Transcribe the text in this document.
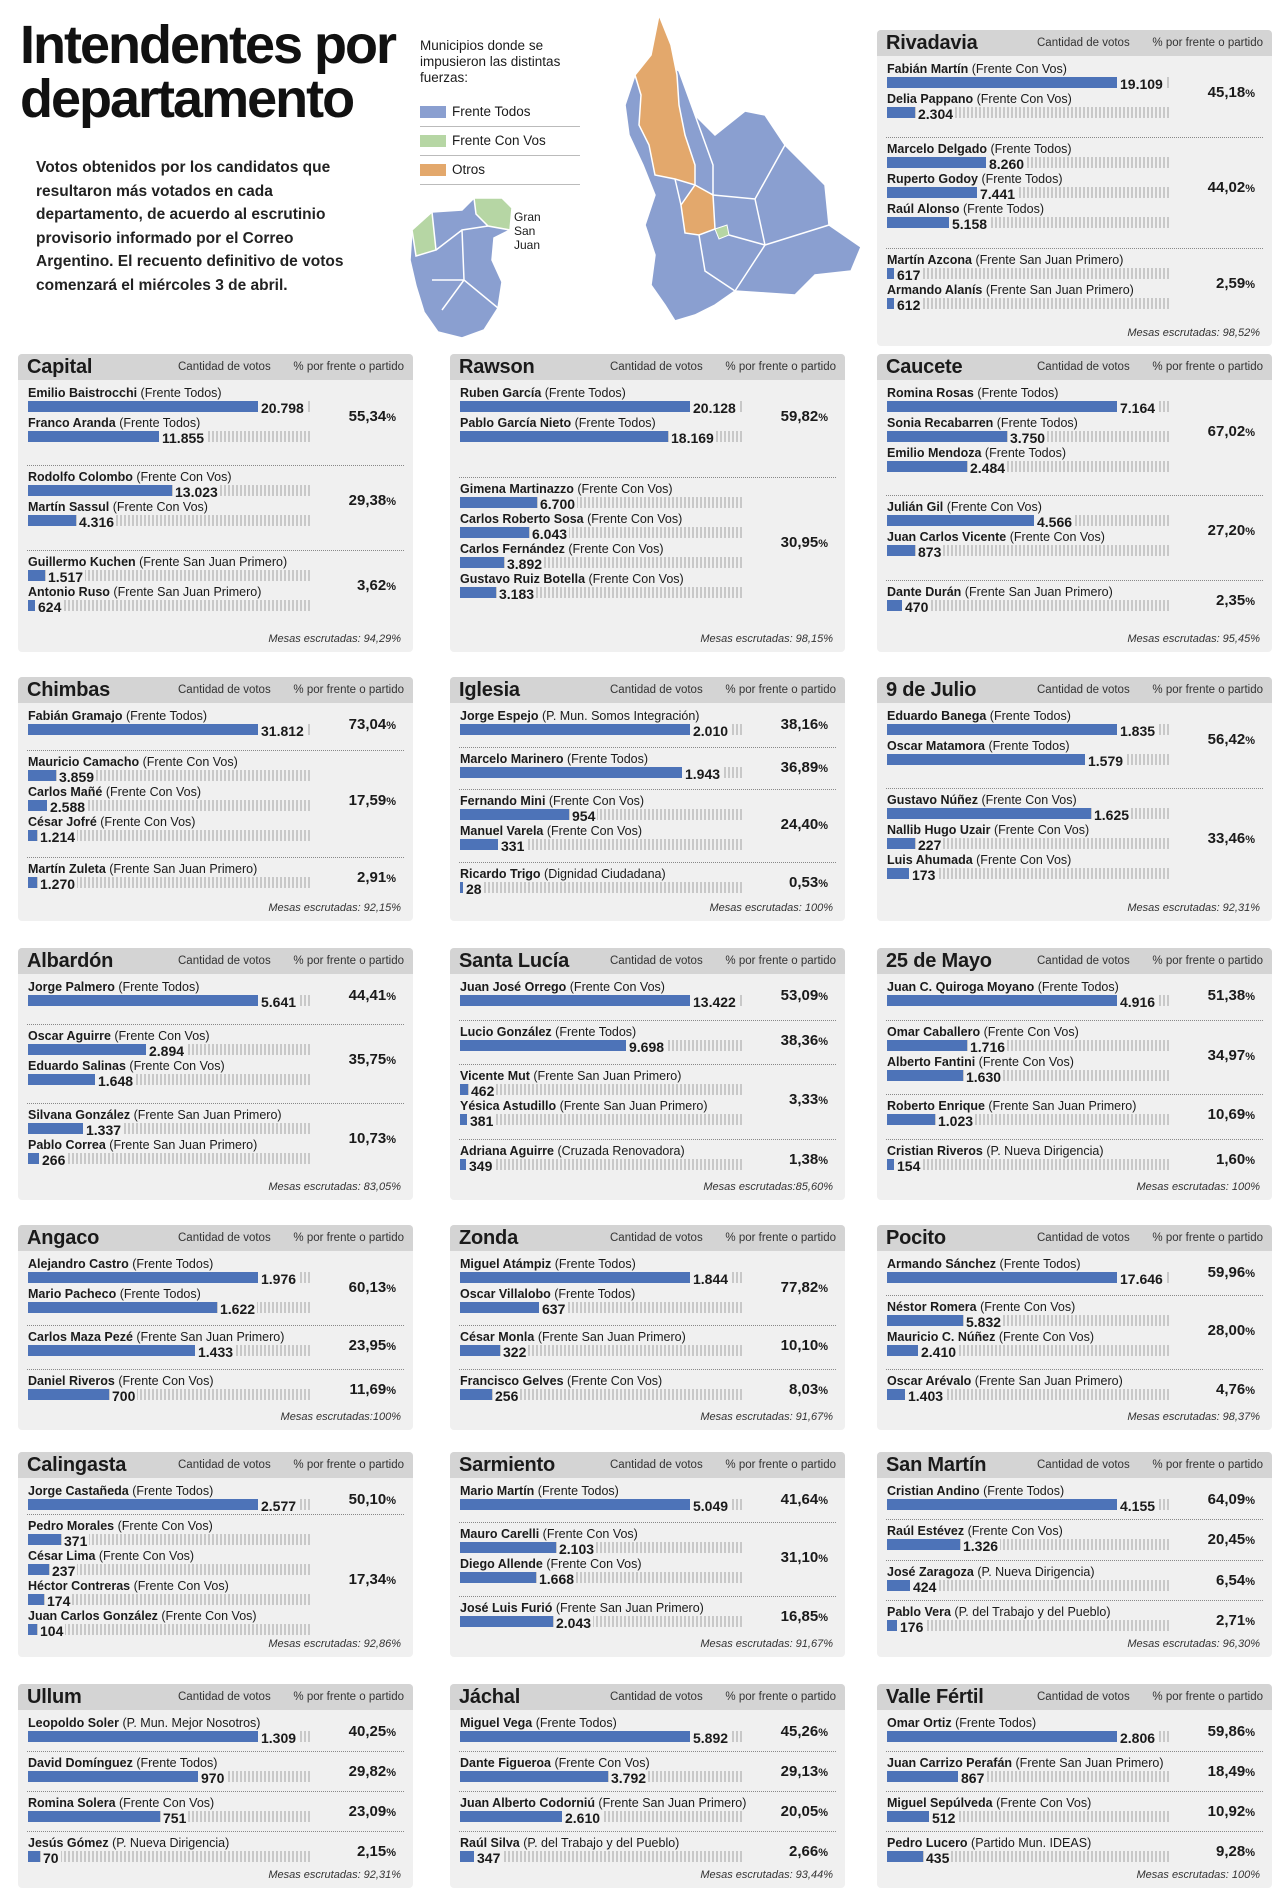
Intendentes por departamento
Votos obtenidos por los candidatos que resultaron más votados en cada departamento, de acuerdo al escrutinio provisorio informado por el Correo Argentino. El recuento definitivo de votos comenzará el miércoles 3 de abril.
Municipios donde se impusieron las distintas fuerzas:
Frente Todos
Frente Con Vos
Otros
Gran San Juan
Rivadavia	Cantidad de votos % por frente o partido
Fabián Martín (Frente Con Vos)
19.109
Delia Pappano (Frente Con Vos)
2.304
45,18%
Marcelo Delgado (Frente Todos)
8.260
Ruperto Godoy (Frente Todos)
7.441
Raúl Alonso (Frente Todos)
5.158
44,02%
Martín Azcona (Frente San Juan Primero)
617
Armando Alanís (Frente San Juan Primero)
612
2,59%
Mesas escrutadas: 98,52%
Capital	Cantidad de votos % por frente o partido
Emilio Baistrocchi (Frente Todos)
20.798
Franco Aranda (Frente Todos)
11.855
55,34%
Rodolfo Colombo (Frente Con Vos)
13.023
Martín Sassul (Frente Con Vos)
4.316
29,38%
Guillermo Kuchen (Frente San Juan Primero)
1.517
Antonio Ruso (Frente San Juan Primero)
624
3,62%
Mesas escrutadas: 94,29%
Rawson	Cantidad de votos % por frente o partido
Ruben García (Frente Todos)
20.128
Pablo García Nieto (Frente Todos)
18.169
59,82%
Gimena Martinazzo (Frente Con Vos)
6.700
Carlos Roberto Sosa (Frente Con Vos)
6.043
Carlos Fernández (Frente Con Vos)
3.892
Gustavo Ruiz Botella (Frente Con Vos)
3.183
30,95%
Mesas escrutadas: 98,15%
Caucete	Cantidad de votos % por frente o partido
Romina Rosas (Frente Todos)
7.164
Sonia Recabarren (Frente Todos)
3.750
Emilio Mendoza (Frente Todos)
2.484
67,02%
Julián Gil (Frente Con Vos)
4.566
Juan Carlos Vicente (Frente Con Vos)
873
27,20%
Dante Durán (Frente San Juan Primero)
470	2,35%
Mesas escrutadas: 95,45%
Chimbas	Cantidad de votos % por frente o partido
Fabián Gramajo (Frente Todos)
31.812	73,04%
Mauricio Camacho (Frente Con Vos)
3.859
Carlos Mañé (Frente Con Vos)
2.588
César Jofré (Frente Con Vos)
1.214
17,59%
Martín Zuleta (Frente San Juan Primero)
1.270	2,91%
Mesas escrutadas: 92,15%
Iglesia	Cantidad de votos % por frente o partido
Jorge Espejo (P. Mun. Somos Integración)
2.010	38,16%
Marcelo Marinero (Frente Todos)
1.943	36,89%
Fernando Mini (Frente Con Vos)
954
Manuel Varela (Frente Con Vos)
331
24,40%
Ricardo Trigo (Dignidad Ciudadana)
28	0,53%
Mesas escrutadas: 100%
9 de Julio	Cantidad de votos % por frente o partido
Eduardo Banega (Frente Todos)
1.835
Oscar Matamora (Frente Todos)
1.579
56,42%
Gustavo Núñez (Frente Con Vos)
1.625
Nallib Hugo Uzair (Frente Con Vos)
227
Luis Ahumada (Frente Con Vos)
173
33,46%
Mesas escrutadas: 92,31%
Albardón	Cantidad de votos % por frente o partido
Jorge Palmero (Frente Todos)
5.641	44,41%
Oscar Aguirre (Frente Con Vos)
2.894
Eduardo Salinas (Frente Con Vos)
1.648
35,75%
Silvana González (Frente San Juan Primero)
1.337
Pablo Correa (Frente San Juan Primero)
266
10,73%
Mesas escrutadas: 83,05%
Santa Lucía	Cantidad de votos % por frente o partido
Juan José Orrego (Frente Con Vos)
13.422	53,09%
Lucio González (Frente Todos)
9.698	38,36%
Vicente Mut (Frente San Juan Primero)
462
Yésica Astudillo (Frente San Juan Primero)
381
3,33%
Adriana Aguirre (Cruzada Renovadora)
349	1,38%
Mesas escrutadas:85,60%
25 de Mayo	Cantidad de votos % por frente o partido
Juan C. Quiroga Moyano (Frente Todos)
4.916	51,38%
Omar Caballero (Frente Con Vos)
1.716
Alberto Fantini (Frente Con Vos)
1.630
34,97%
Roberto Enrique (Frente San Juan Primero)
1.023	10,69%
Cristian Riveros (P. Nueva Dirigencia)
154	1,60%
Mesas escrutadas: 100%
Angaco	Cantidad de votos % por frente o partido
Alejandro Castro (Frente Todos)
1.976
Mario Pacheco (Frente Todos)
1.622
60,13%
Carlos Maza Pezé (Frente San Juan Primero)
1.433	23,95%
Daniel Riveros (Frente Con Vos)
700	11,69%
Mesas escrutadas:100%
Zonda	Cantidad de votos % por frente o partido
Miguel Atámpiz (Frente Todos)
1.844
Oscar Villalobo (Frente Todos)
637
77,82%
César Monla (Frente San Juan Primero)
322	10,10%
Francisco Gelves (Frente Con Vos)
256	8,03%
Mesas escrutadas: 91,67%
Pocito	Cantidad de votos % por frente o partido
Armando Sánchez (Frente Todos)
17.646	59,96%
Néstor Romera (Frente Con Vos)
5.832
Mauricio C. Núñez (Frente Con Vos)
2.410
28,00%
Oscar Arévalo (Frente San Juan Primero)
1.403	4,76%
Mesas escrutadas: 98,37%
Calingasta	Cantidad de votos % por frente o partido
Jorge Castañeda (Frente Todos)
2.577	50,10%
Pedro Morales (Frente Con Vos)
371
César Lima (Frente Con Vos)
237
Héctor Contreras (Frente Con Vos)
174
Juan Carlos González (Frente Con Vos)
104
17,34%
Mesas escrutadas: 92,86%
Sarmiento	Cantidad de votos % por frente o partido
Mario Martín (Frente Todos)
5.049	41,64%
Mauro Carelli (Frente Con Vos)
2.103
Diego Allende (Frente Con Vos)
1.668
31,10%
José Luis Furió (Frente San Juan Primero)
2.043	16,85%
Mesas escrutadas: 91,67%
San Martín	Cantidad de votos % por frente o partido
Cristian Andino (Frente Todos)
4.155	64,09%
Raúl Estévez (Frente Con Vos)
1.326	20,45%
José Zaragoza (P. Nueva Dirigencia)
424	6,54%
Pablo Vera (P. del Trabajo y del Pueblo)
176	2,71%
Mesas escrutadas: 96,30%
Ullum	Cantidad de votos % por frente o partido
Leopoldo Soler (P. Mun. Mejor Nosotros)
1.309	40,25%
David Domínguez (Frente Todos)
970	29,82%
Romina Solera (Frente Con Vos)
751	23,09%
Jesús Gómez (P. Nueva Dirigencia)
70	2,15%
Mesas escrutadas: 92,31%
Jáchal	Cantidad de votos % por frente o partido
Miguel Vega (Frente Todos)
5.892	45,26%
Dante Figueroa (Frente Con Vos)
3.792	29,13%
Juan Alberto Codorniú (Frente San Juan Primero)
2.610	20,05%
Raúl Silva (P. del Trabajo y del Pueblo)
347	2,66%
Mesas escrutadas: 93,44%
Valle Fértil	Cantidad de votos % por frente o partido
Omar Ortiz (Frente Todos)
2.806	59,86%
Juan Carrizo Perafán (Frente San Juan Primero)
867	18,49%
Miguel Sepúlveda (Frente Con Vos)
512	10,92%
Pedro Lucero (Partido Mun. IDEAS)
435	9,28%
Mesas escrutadas: 100%
